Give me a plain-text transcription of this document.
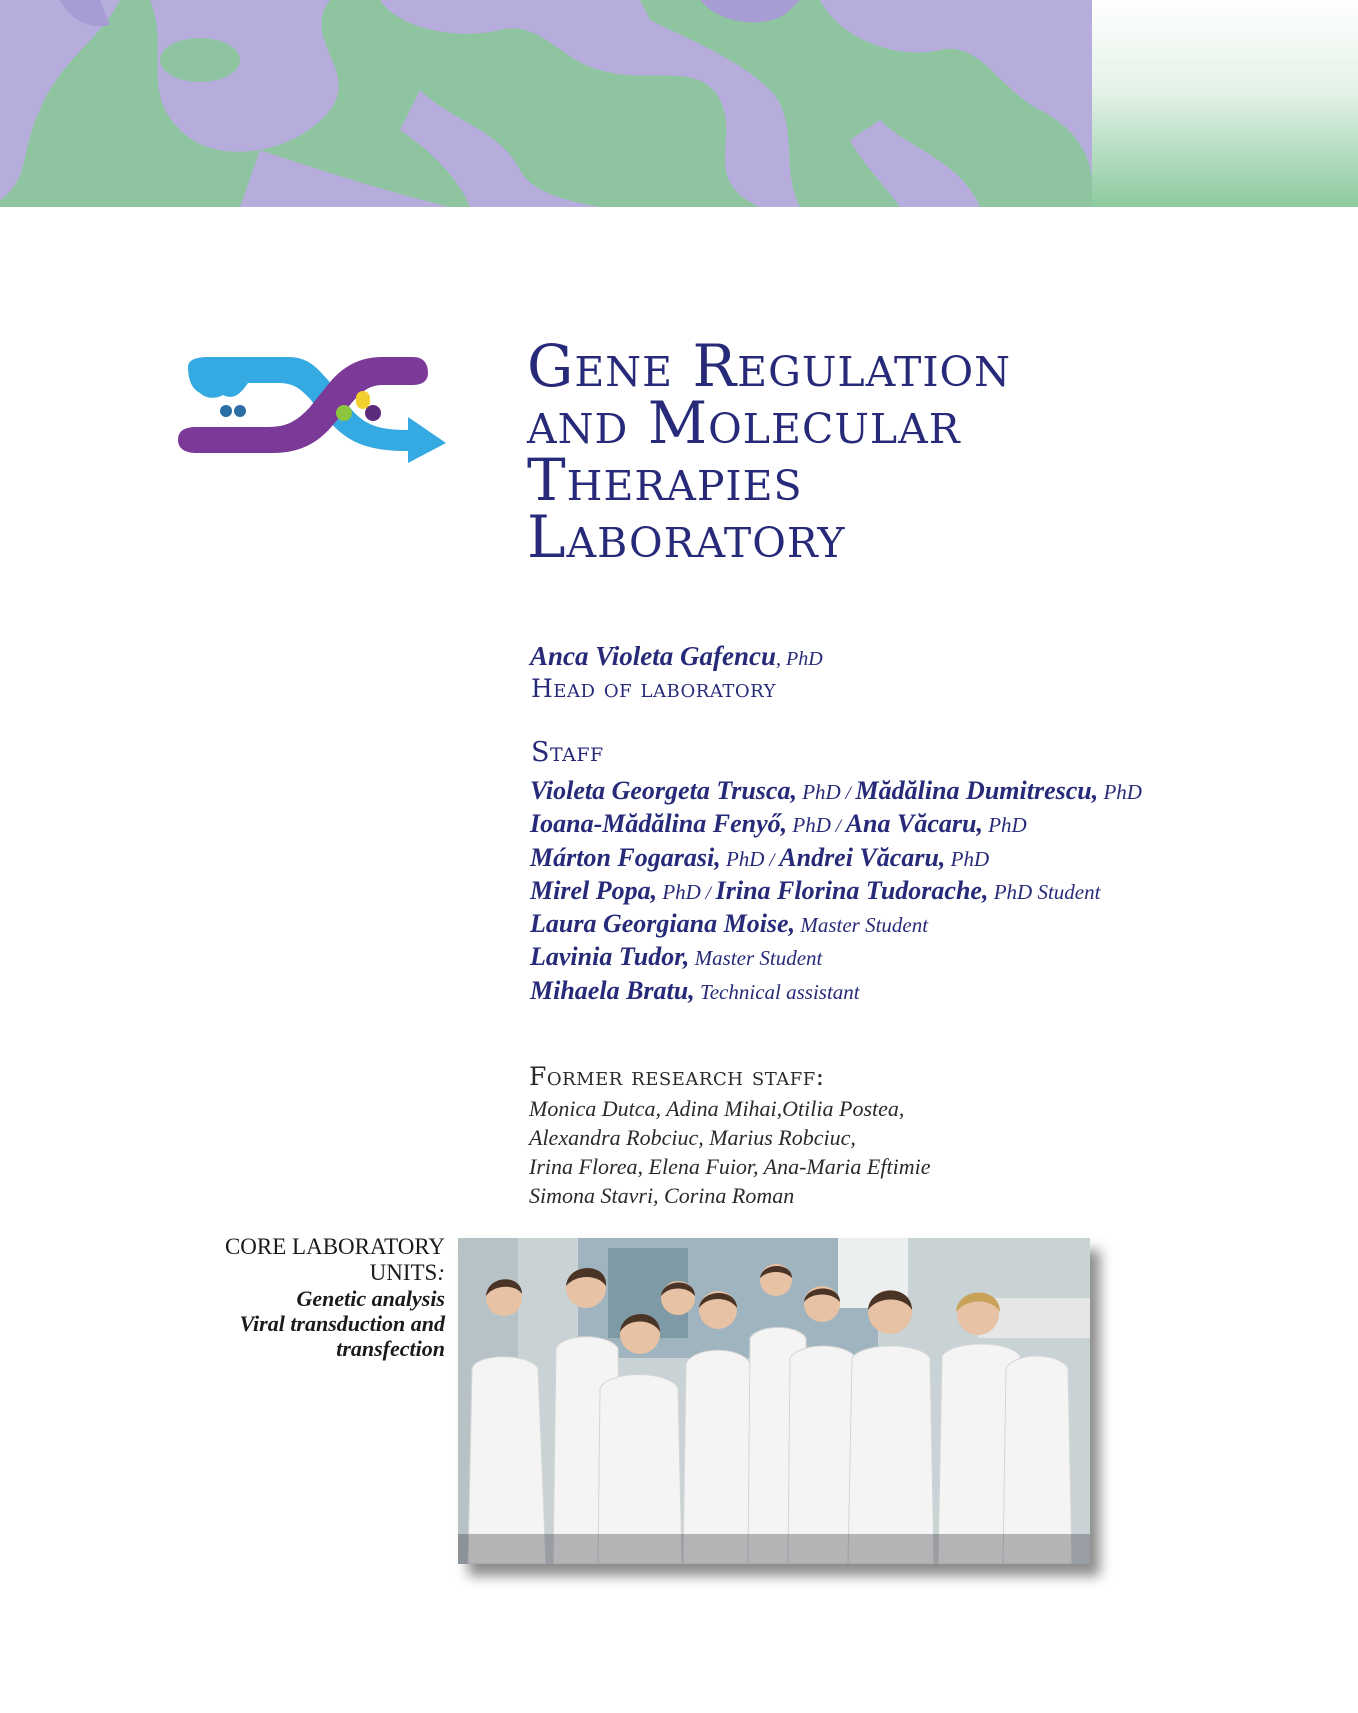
Gene Regulation
and Molecular
Therapies
Laboratory
Anca Violeta Gafencu, PhD
Head of laboratory
Staff
Violeta Georgeta Trusca, PhD / Mădălina Dumitrescu, PhD
Ioana-Mădălina Fenyő, PhD / Ana Văcaru, PhD
Márton Fogarasi, PhD / Andrei Văcaru, PhD
Mirel Popa, PhD / Irina Florina Tudorache, PhD Student
Laura Georgiana Moise, Master Student
Lavinia Tudor, Master Student
Mihaela Bratu, Technical assistant
Former research staff:
Monica Dutca, Adina Mihai,Otilia Postea,
Alexandra Robciuc, Marius Robciuc,
Irina Florea, Elena Fuior, Ana-Maria Eftimie
Simona Stavri, Corina Roman
CORE LABORATORY
UNITS:
Genetic analysis
Viral transduction and
transfection
